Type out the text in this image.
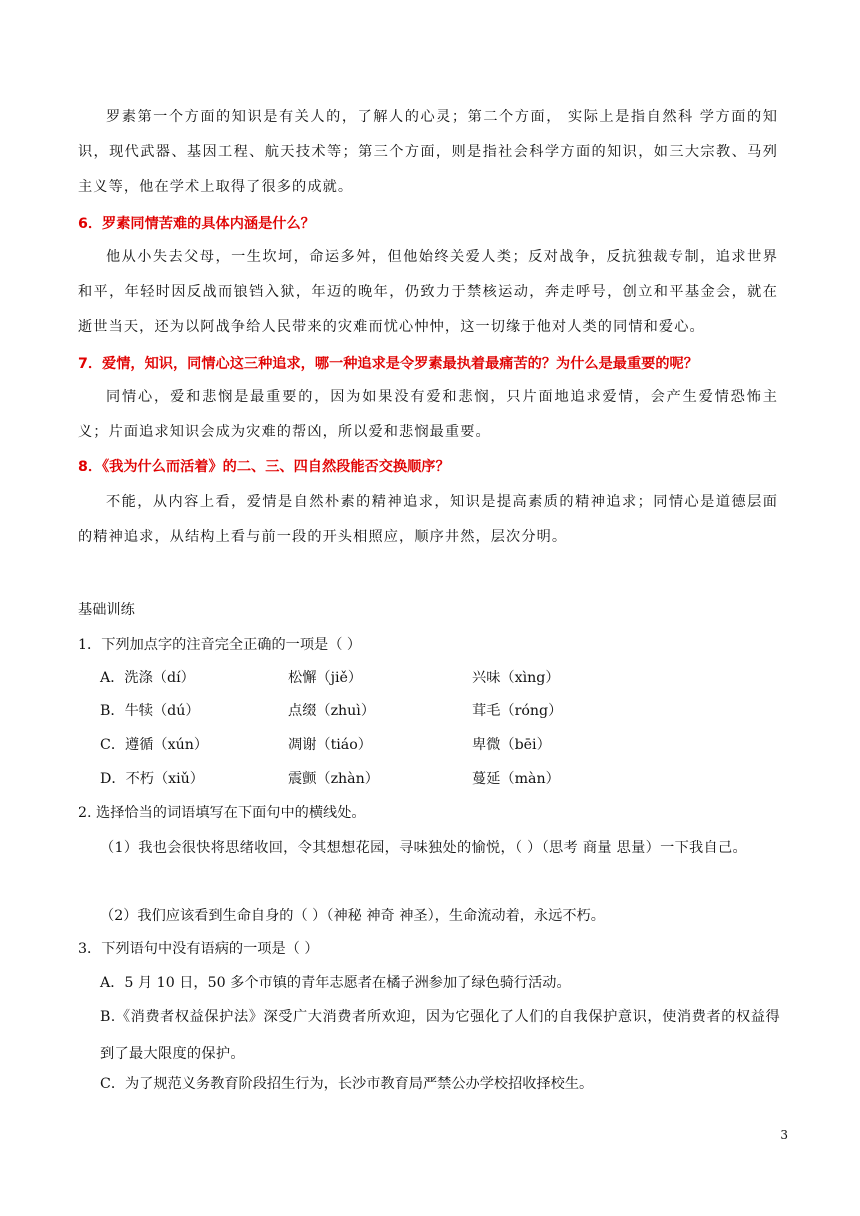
罗素第一个方面的知识是有关人的，了解人的心灵；第二个方面， 实际上是指自然科 学方面的知识，现代武器、基因工程、航天技术等；第三个方面，则是指社会科学方面的知识，如三大宗教、马列主义等，他在学术上取得了很多的成就。

6．罗素同情苦难的具体内涵是什么？

他从小失去父母，一生坎坷，命运多舛，但他始终关爱人类；反对战争，反抗独裁专制，追求世界和平，年轻时因反战而锒铛入狱，年迈的晚年，仍致力于禁核运动，奔走呼号，创立和平基金会，就在逝世当天，还为以阿战争给人民带来的灾难而忧心忡忡，这一切缘于他对人类的同情和爱心。

7．爱情，知识，同情心这三种追求，哪一种追求是令罗素最执着最痛苦的？为什么是最重要的呢？

同情心，爱和悲悯是最重要的，因为如果没有爱和悲悯，只片面地追求爱情，会产生爱情恐怖主义；片面追求知识会成为灾难的帮凶，所以爱和悲悯最重要。

8．《我为什么而活着》的二、三、四自然段能否交换顺序？

不能，从内容上看，爱情是自然朴素的精神追求，知识是提高素质的精神追求；同情心是道德层面的精神追求，从结构上看与前一段的开头相照应，顺序井然，层次分明。

基础训练

1．下列加点字的注音完全正确的一项是（ ）

A．洗涤（dí）	松懈（jiě）	兴味（xìng）
B．牛犊（dú）	点缀（zhuì）	茸毛（róng）
C．遵循（xún）	凋谢（tiáo）	卑微（bēi）
D．不朽（xiǔ）	震颤（zhàn）	蔓延（màn）

2. 选择恰当的词语填写在下面句中的横线处。

（1）我也会很快将思绪收回，令其想想花园，寻味独处的愉悦，（ ）（思考 商量 思量）一下我自己。

（2）我们应该看到生命自身的（ ）（神秘 神奇 神圣），生命流动着，永远不朽。

3．下列语句中没有语病的一项是（ ）

A．5 月 10 日，50 多个市镇的青年志愿者在橘子洲参加了绿色骑行活动。

B.《消费者权益保护法》深受广大消费者所欢迎，因为它强化了人们的自我保护意识，使消费者的权益得到了最大限度的保护。

C．为了规范义务教育阶段招生行为，长沙市教育局严禁公办学校招收择校生。

3
